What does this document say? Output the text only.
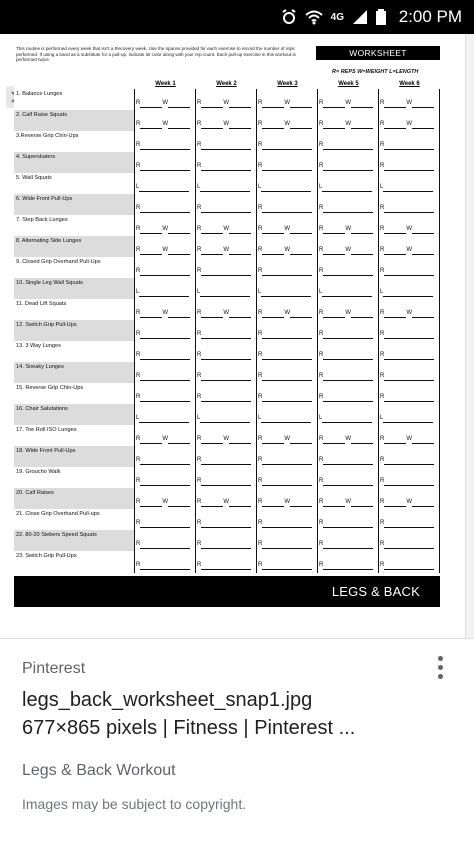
4G	2:00 PM
This routine is performed every week that isn't a Recovery week. Use the spaces provided for each exercise to record the number of reps performed. If using a band as a substitute for a pull-up, indicate its color along with your rep count. Each pull-up exercise in this workout is performed twice.
WORKSHEET
R= REPS W=WEIGHT L=LENGTH
Week 1	Week 2	Week 3	Week 5	Week 6
1. Balance Lunges
R	W	R	W	R	W	R	W	R	W
2. Calf Raise Squats
R	W	R	W	R	W	R	W	R	W
3.Reverse Grip Chin-Ups
R	R	R	R	R
4. Superskaters
R	R	R	R	R
5. Wall Squats
L	L	L	L	L
6. Wide Front Pull-Ups
R	R	R	R	R
7. Step Back Lunges
R	W	R	W	R	W	R	W	R	W
8. Alternating Side Lunges
R	W	R	W	R	W	R	W	R	W
9. Closed Grip Overhand Pull-Ups
R	R	R	R	R
10. Single Leg Wall Squats
L	L	L	L	L
11. Dead Lift Squats
R	W	R	W	R	W	R	W	R	W
12. Switch Grip Pull-Ups
R	R	R	R	R
13. 3 Way Lunges
R	R	R	R	R
14. Sneaky Lunges
R	R	R	R	R
15. Reverse Grip Chin-Ups
R	R	R	R	R
16. Chair Salutations
L	L	L	L	L
17. Toe Roll ISO Lunges
R	W	R	W	R	W	R	W	R	W
18. Wide Front Pull-Ups
R	R	R	R	R
19. Groucho Walk
R	R	R	R	R
20. Calf Raises
R	W	R	W	R	W	R	W	R	W
21. Close Grip Overhand Pull-ups
R	R	R	R	R
22. 80-20 Siebers Speed Squats
R	R	R	R	R
23. Switch Grip Pull-Ups
R	R	R	R	R
LEGS & BACK
Pinterest
legs_back_worksheet_snap1.jpg
677×865 pixels | Fitness | Pinterest ...
Legs & Back Workout
Images may be subject to copyright.
